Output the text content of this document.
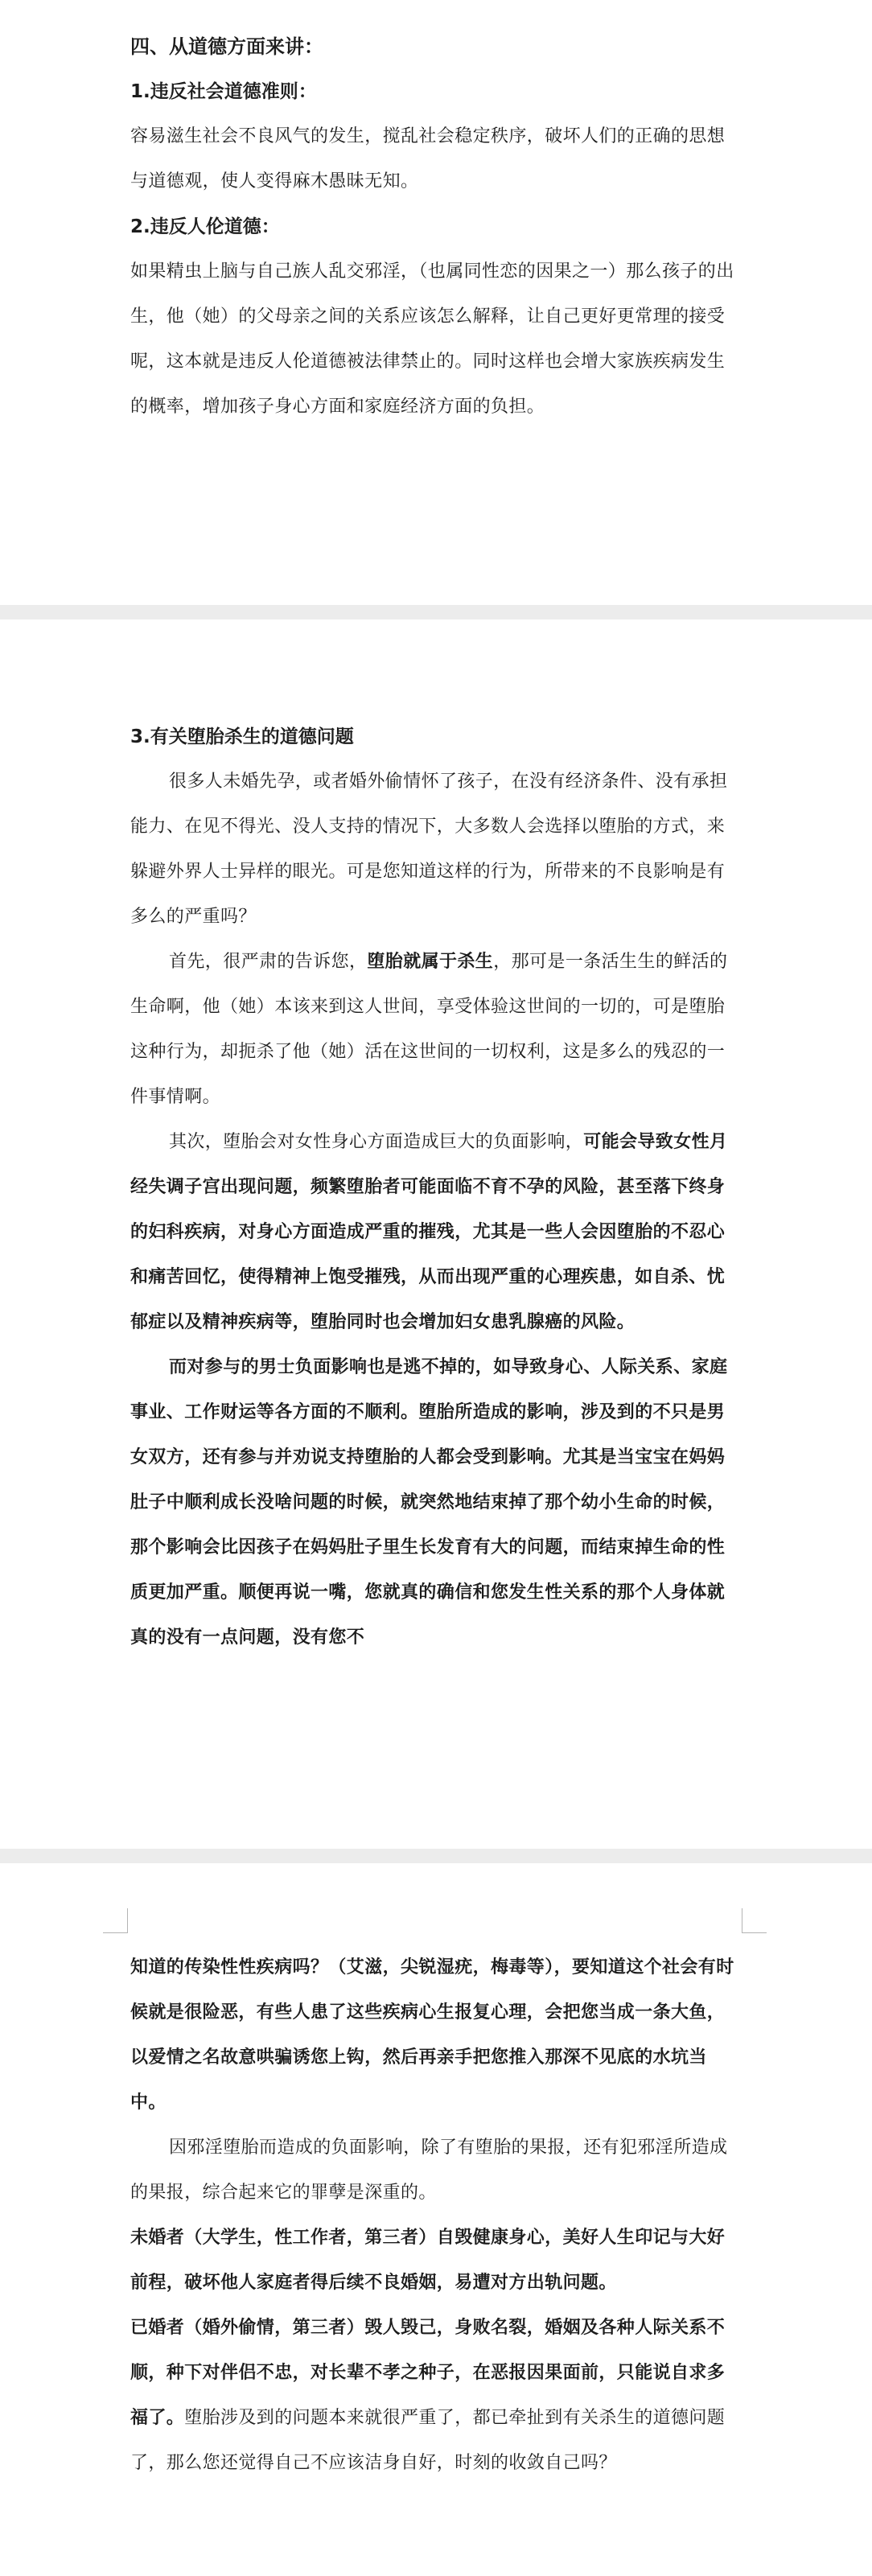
四、从道德方面来讲：
1.违反社会道德准则：

容易滋生社会不良风气的发生，搅乱社会稳定秩序，破坏人们的正确的思想与道德观，使人变得麻木愚昧无知。

2.违反人伦道德：

如果精虫上脑与自己族人乱交邪淫，（也属同性恋的因果之一）那么孩子的出生，他（她）的父母亲之间的关系应该怎么解释，让自己更好更常理的接受呢，这本就是违反人伦道德被法律禁止的。同时这样也会增大家族疾病发生的概率，增加孩子身心方面和家庭经济方面的负担。

3.有关堕胎杀生的道德问题

很多人未婚先孕，或者婚外偷情怀了孩子，在没有经济条件、没有承担能力、在见不得光、没人支持的情况下，大多数人会选择以堕胎的方式，来躲避外界人士异样的眼光。可是您知道这样的行为，所带来的不良影响是有多么的严重吗？

首先，很严肃的告诉您，堕胎就属于杀生，那可是一条活生生的鲜活的生命啊，他（她）本该来到这人世间，享受体验这世间的一切的，可是堕胎这种行为，却扼杀了他（她）活在这世间的一切权利，这是多么的残忍的一件事情啊。

其次，堕胎会对女性身心方面造成巨大的负面影响，可能会导致女性月经失调子宫出现问题，频繁堕胎者可能面临不育不孕的风险，甚至落下终身的妇科疾病，对身心方面造成严重的摧残，尤其是一些人会因堕胎的不忍心和痛苦回忆，使得精神上饱受摧残，从而出现严重的心理疾患，如自杀、忧郁症以及精神疾病等，堕胎同时也会增加妇女患乳腺癌的风险。

而对参与的男士负面影响也是逃不掉的，如导致身心、人际关系、家庭事业、工作财运等各方面的不顺利。堕胎所造成的影响，涉及到的不只是男女双方，还有参与并劝说支持堕胎的人都会受到影响。尤其是当宝宝在妈妈肚子中顺利成长没啥问题的时候，就突然地结束掉了那个幼小生命的时候，那个影响会比因孩子在妈妈肚子里生长发育有大的问题，而结束掉生命的性质更加严重。顺便再说一嘴，您就真的确信和您发生性关系的那个人身体就真的没有一点问题，没有您不

知道的传染性性疾病吗？（艾滋，尖锐湿疣，梅毒等），要知道这个社会有时候就是很险恶，有些人患了这些疾病心生报复心理，会把您当成一条大鱼，以爱情之名故意哄骗诱您上钩，然后再亲手把您推入那深不见底的水坑当中。

因邪淫堕胎而造成的负面影响，除了有堕胎的果报，还有犯邪淫所造成的果报，综合起来它的罪孽是深重的。

未婚者（大学生，性工作者，第三者）自毁健康身心，美好人生印记与大好前程，破坏他人家庭者得后续不良婚姻，易遭对方出轨问题。

已婚者（婚外偷情，第三者）毁人毁己，身败名裂，婚姻及各种人际关系不顺，种下对伴侣不忠，对长辈不孝之种子，在恶报因果面前，只能说自求多福了。堕胎涉及到的问题本来就很严重了，都已牵扯到有关杀生的道德问题了，那么您还觉得自己不应该洁身自好，时刻的收敛自己吗？
